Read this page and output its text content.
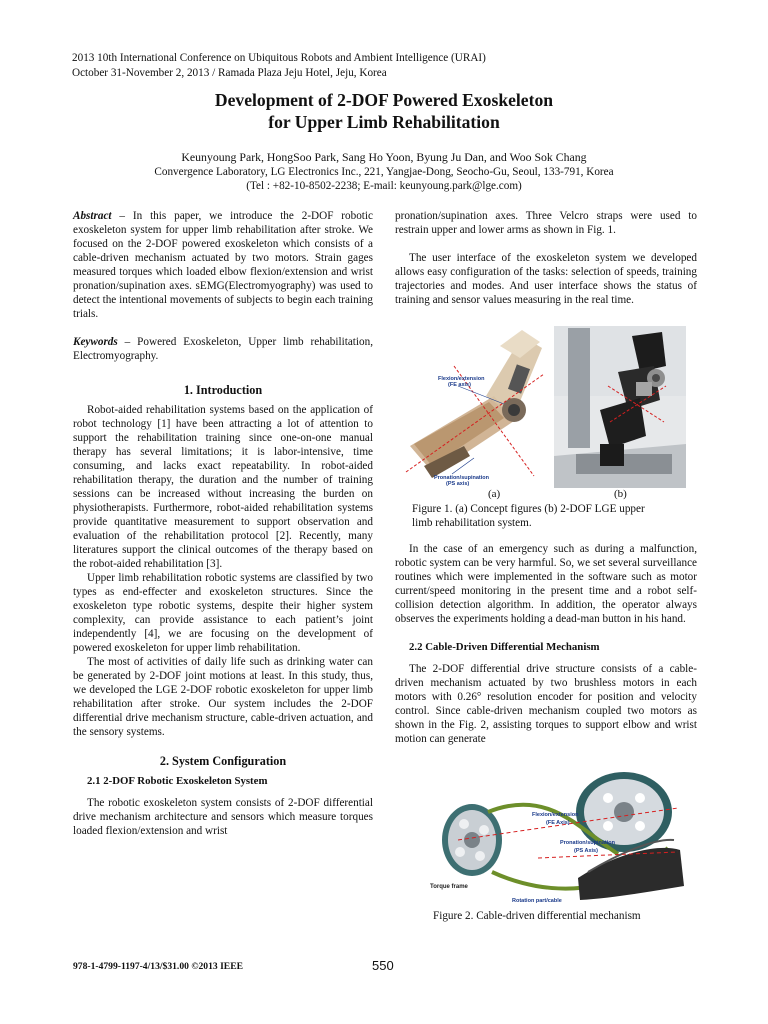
2013 10th International Conference on Ubiquitous Robots and Ambient Intelligence (URAI)
October 31-November 2, 2013 / Ramada Plaza Jeju Hotel, Jeju, Korea
Development of 2-DOF Powered Exoskeleton
for Upper Limb Rehabilitation
Keunyoung Park, HongSoo Park, Sang Ho Yoon, Byung Ju Dan, and Woo Sok Chang
Convergence Laboratory, LG Electronics Inc., 221, Yangjae-Dong, Seocho-Gu, Seoul, 133-791, Korea
(Tel : +82-10-8502-2238; E-mail: keunyoung.park@lge.com)

Abstract – In this paper, we introduce the 2-DOF robotic exoskeleton system for upper limb rehabilitation after stroke. We focused on the 2-DOF powered exoskeleton which consists of a cable-driven mechanism actuated by two motors. Strain gages measured torques which loaded elbow flexion/extension and wrist pronation/supination axes. sEMG(Electromyography) was used to detect the intentional movements of subjects to begin each training trials.

Keywords – Powered Exoskeleton, Upper limb rehabilitation, Electromyography.

1. Introduction

Robot-aided rehabilitation systems based on the application of robot technology [1] have been attracting a lot of attention to support the rehabilitation training since one-on-one manual therapy has several limitations; it is labor-intensive, time consuming, and lacks exact repeatability. In robot-aided rehabilitation therapy, the duration and the number of training sessions can be increased without increasing the burden on physiotherapists. Furthermore, robot-aided rehabilitation systems provide quantitative measurement to support observation and evaluation of the rehabilitation protocol [2]. Recently, many literatures support the clinical outcomes of the therapy based on the robot-aided rehabilitation [3].

Upper limb rehabilitation robotic systems are classified by two types as end-effecter and exoskeleton structures. Since the exoskeleton type robotic systems, despite their higher system complexity, can provide assistance to each patient’s joint independently [4], we are focusing on the development of powered exoskeleton for upper limb rehabilitation.

The most of activities of daily life such as drinking water can be generated by 2-DOF joint motions at least. In this study, thus, we developed the LGE 2-DOF robotic exoskeleton for upper limb rehabilitation after stroke. Our system includes the 2-DOF differential drive mechanism structure, cable-driven actuation, and the sensory systems.

2. System Configuration
2.1 2-DOF Robotic Exoskeleton System

The robotic exoskeleton system consists of 2-DOF differential drive mechanism architecture and sensors which measure torques loaded flexion/extension and wrist

pronation/supination axes. Three Velcro straps were used to restrain upper and lower arms as shown in Fig. 1.

The user interface of the exoskeleton system we developed allows easy configuration of the tasks: selection of speeds, training trajectories and modes. And user interface shows the status of training and sensor values measuring in the real time.

Flexion/extension
(FE axis)
Pronation/supination
(PS axis)
(a)	(b)
Figure 1. (a) Concept figures (b) 2-DOF LGE upper
limb rehabilitation system.

In the case of an emergency such as during a malfunction, robotic system can be very harmful. So, we set several surveillance routines which were implemented in the software such as motor current/speed monitoring in the present time and a robot self-collision detection algorithm. In addition, the operator always observes the experiments holding a dead-man button in his hand.

2.2 Cable-Driven Differential Mechanism

The 2-DOF differential drive structure consists of a cable-driven mechanism actuated by two brushless motors in each motors with 0.26° resolution encoder for position and velocity control. Since cable-driven mechanism coupled two motors as shown in the Fig. 2, assisting torques to support elbow and wrist motion can generate

Flexion/extension
(FE Axis)
Pronation/supination
(PS Axis)
Torque frame
Rotation part/cable	Rotation Frame
Figure 2. Cable-driven differential mechanism
978-1-4799-1197-4/13/$31.00 ©2013 IEEE	550
